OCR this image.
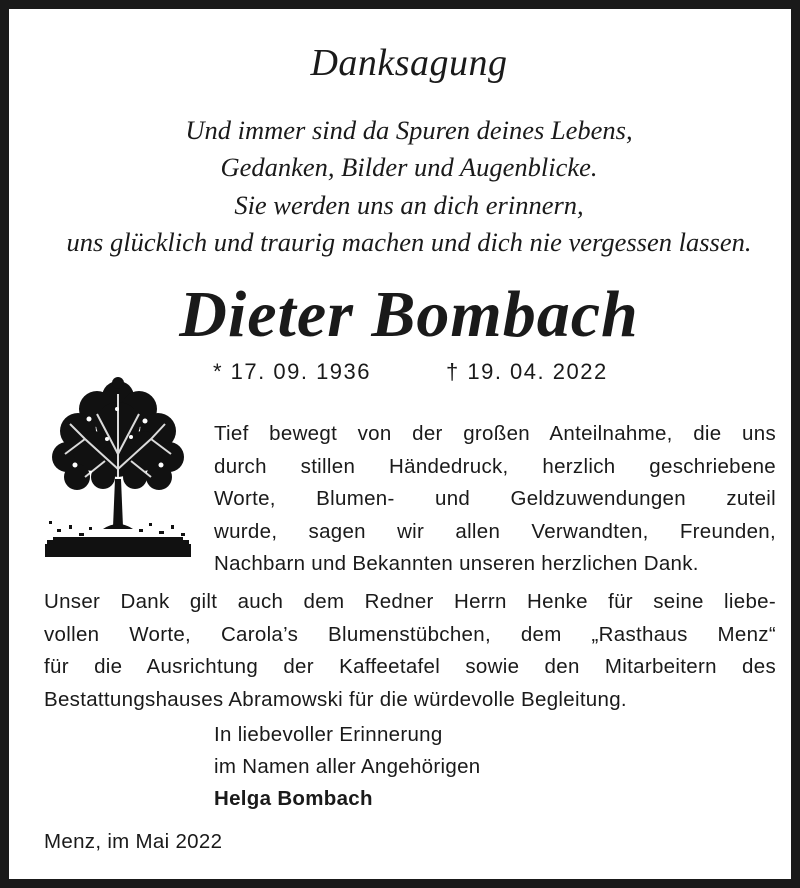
Danksagung
Und immer sind da Spuren deines Lebens,
Gedanken, Bilder und Augenblicke.
Sie werden uns an dich erinnern,
uns glücklich und traurig machen und dich nie vergessen lassen.
Dieter Bombach
* 17. 09. 1936	† 19. 04. 2022
Tief bewegt von der großen Anteilnahme, die uns
durch stillen Händedruck, herzlich geschriebene
Worte, Blumen- und Geldzuwendungen zuteil
wurde, sagen wir allen Verwandten, Freunden,
Nachbarn und Bekannten unseren herzlichen Dank.
Unser Dank gilt auch dem Redner Herrn Henke für seine liebe-
vollen Worte, Carola’s Blumenstübchen, dem „Rasthaus Menz“
für die Ausrichtung der Kaffeetafel sowie den Mitarbeitern des
Bestattungshauses Abramowski für die würdevolle Begleitung.
In liebevoller Erinnerung
im Namen aller Angehörigen
Helga Bombach
Menz, im Mai 2022
